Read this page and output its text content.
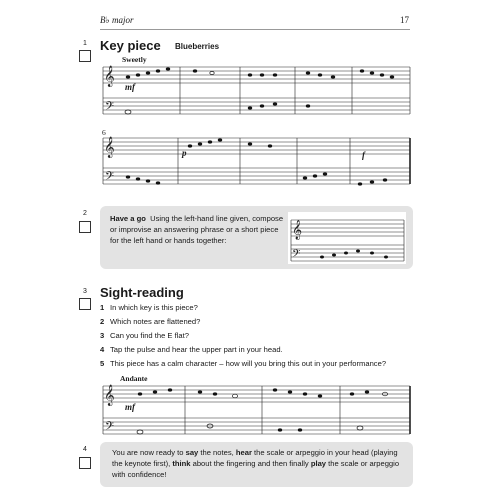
B♭ major	17
1 Key piece Blueberries
Sweetly
mf
𝄞
𝄢
𝄞
𝄢
6
p	f
2
Have a go Using the left-hand line given, compose or improvise an answering phrase or a short piece for the left hand or hands together:
𝄞
𝄢
3 Sight-reading
1 In which key is this piece?
2 Which notes are flattened?
3 Can you find the E flat?
4 Tap the pulse and hear the upper part in your head.
5 This piece has a calm character – how will you bring this out in your performance?
Andante
mf
𝄞
𝄢
4	You are now ready to say the notes, hear the scale or arpeggio in your head (playing the keynote first), think about the fingering and then finally play the scale or arpeggio with confidence!
